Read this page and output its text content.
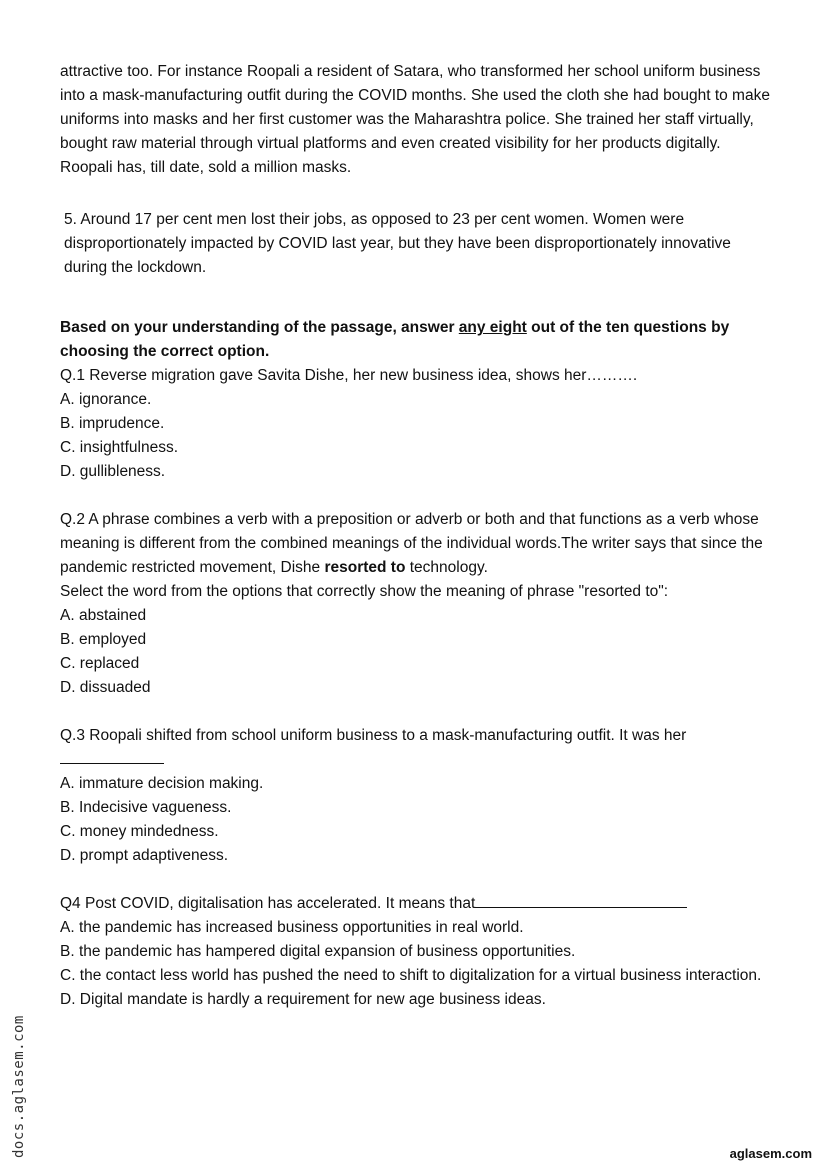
attractive too. For instance Roopali a resident of Satara, who transformed her school uniform business into a mask-manufacturing outfit during the COVID months. She used the cloth she had bought to make uniforms into masks and her first customer was the Maharashtra police. She trained her staff virtually, bought raw material through virtual platforms and even created visibility for her products digitally. Roopali has, till date, sold a million masks.

5. Around 17 per cent men lost their jobs, as opposed to 23 per cent women. Women were disproportionately impacted by COVID last year, but they have been disproportionately innovative during the lockdown.

Based on your understanding of the passage, answer any eight out of the ten questions by choosing the correct option.

Q.1 Reverse migration gave Savita Dishe, her new business idea, shows her……….

A. ignorance.

B. imprudence.

C. insightfulness.

D. gullibleness.

Q.2 A phrase combines a verb with a preposition or adverb or both and that functions as a verb whose meaning is different from the combined meanings of the individual words.The writer says that since the pandemic restricted movement, Dishe resorted to technology.

Select the word from the options that correctly show the meaning of phrase "resorted to":

A. abstained

B. employed

C. replaced

D. dissuaded

Q.3 Roopali shifted from school uniform business to a mask-manufacturing outfit. It was her

A. immature decision making.

B. Indecisive vagueness.

C. money mindedness.

D. prompt adaptiveness.

Q4 Post COVID, digitalisation has accelerated. It means that

A. the pandemic has increased business opportunities in real world.

B. the pandemic has hampered digital expansion of business opportunities.

C. the contact less world has pushed the need to shift to digitalization for a virtual business interaction.

D. Digital mandate is hardly a requirement for new age business ideas.

docs.aglasem.com	aglasem.com
